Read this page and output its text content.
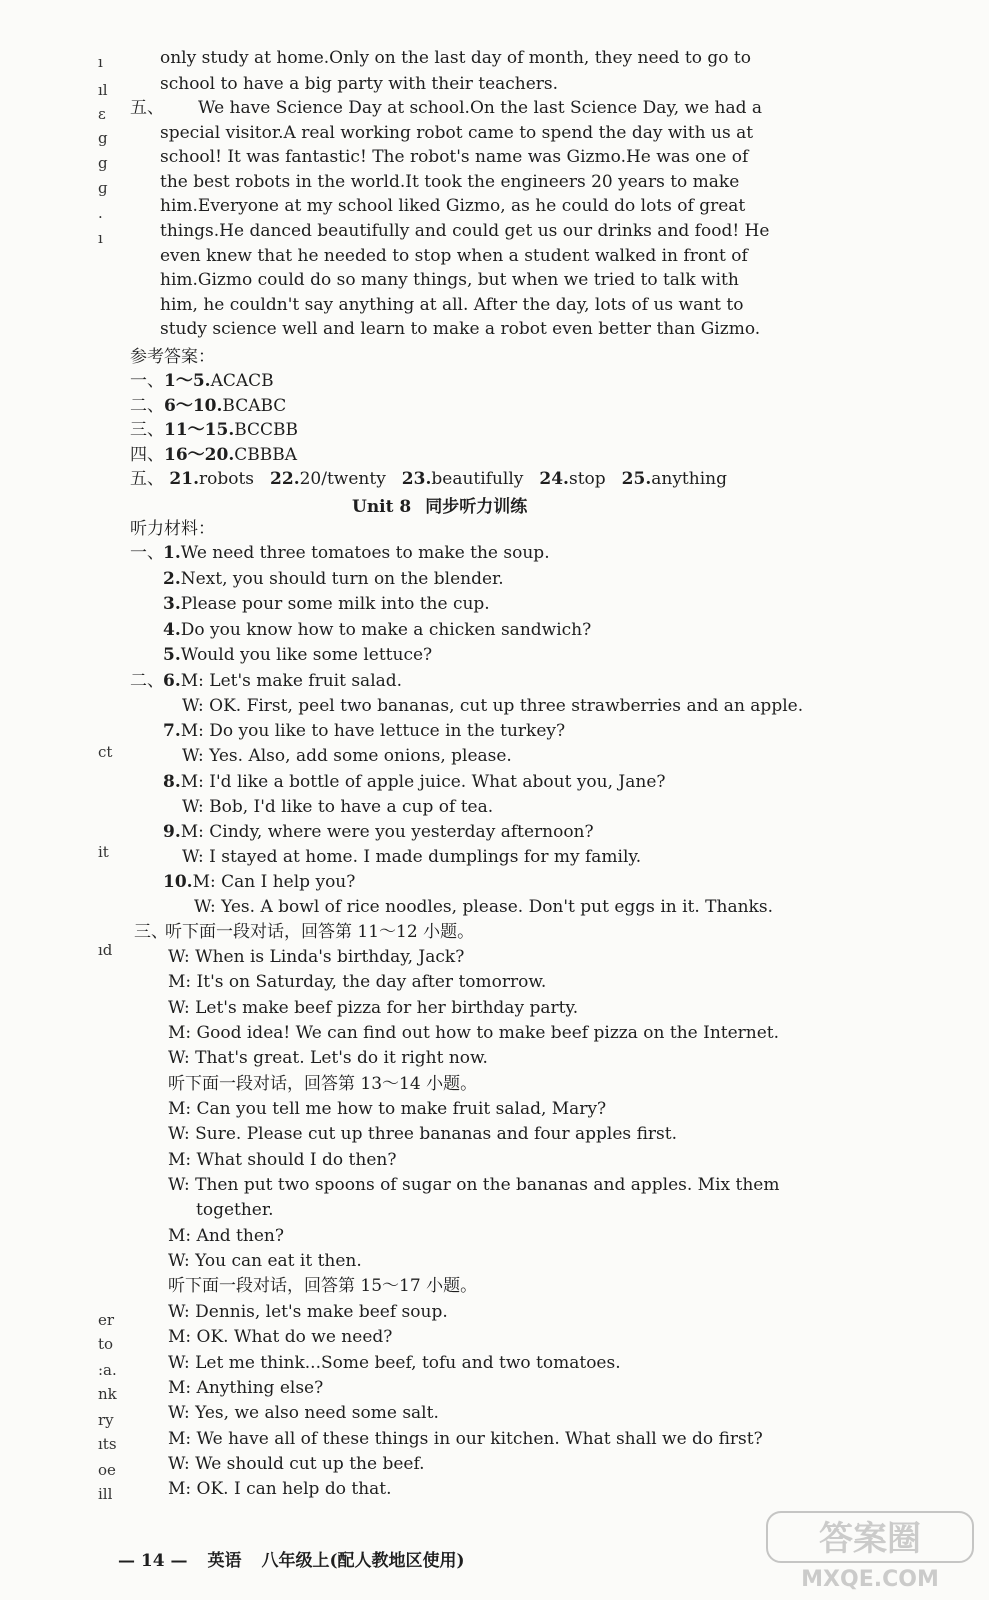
ı
ıl
ɛ
g
g
ɡ
.
ı
ct
it
ıd
er
to
:a.
nk
ry
ıts
oe
ill
only study at home.Only on the last day of month, they need to go to
school to have a big party with their teachers.
五、 We have Science Day at school.On the last Science Day, we had a
special visitor.A real working robot came to spend the day with us at
school! It was fantastic! The robot's name was Gizmo.He was one of
the best robots in the world.It took the engineers 20 years to make
him.Everyone at my school liked Gizmo, as he could do lots of great
things.He danced beautifully and could get us our drinks and food! He
even knew that he needed to stop when a student walked in front of
him.Gizmo could do so many things, but when we tried to talk with
him, he couldn't say anything at all. After the day, lots of us want to
study science well and learn to make a robot even better than Gizmo.
参考答案：
一、1～5.ACACB
二、6～10.BCABC
三、11～15.BCCBB
四、16～20.CBBBA
五、 21.robots 22.20/twenty 23.beautifully 24.stop 25.anything
Unit 8 同步听力训练
听力材料：
一、 1.We need three tomatoes to make the soup.
2.Next, you should turn on the blender.
3.Please pour some milk into the cup.
4.Do you know how to make a chicken sandwich?
5.Would you like some lettuce?
二、 6.M: Let's make fruit salad.
W: OK. First, peel two bananas, cut up three strawberries and an apple.
7.M: Do you like to have lettuce in the turkey?
W: Yes. Also, add some onions, please.
8.M: I'd like a bottle of apple juice. What about you, Jane?
W: Bob, I'd like to have a cup of tea.
9.M: Cindy, where were you yesterday afternoon?
W: I stayed at home. I made dumplings for my family.
10.M: Can I help you?
W: Yes. A bowl of rice noodles, please. Don't put eggs in it. Thanks.
三、
听下面一段对话，回答第 11～12 小题。
W: When is Linda's birthday, Jack?
M: It's on Saturday, the day after tomorrow.
W: Let's make beef pizza for her birthday party.
M: Good idea! We can find out how to make beef pizza on the Internet.
W: That's great. Let's do it right now.
听下面一段对话，回答第 13～14 小题。
M: Can you tell me how to make fruit salad, Mary?
W: Sure. Please cut up three bananas and four apples first.
M: What should I do then?
W: Then put two spoons of sugar on the bananas and apples. Mix them
together.
M: And then?
W: You can eat it then.
听下面一段对话，回答第 15～17 小题。
W: Dennis, let's make beef soup.
M: OK. What do we need?
W: Let me think...Some beef, tofu and two tomatoes.
M: Anything else?
W: Yes, we also need some salt.
M: We have all of these things in our kitchen. What shall we do first?
W: We should cut up the beef.
M: OK. I can help do that.
— 14 — 英语 八年级上(配人教地区使用)
答案圈
MXQE.COM
